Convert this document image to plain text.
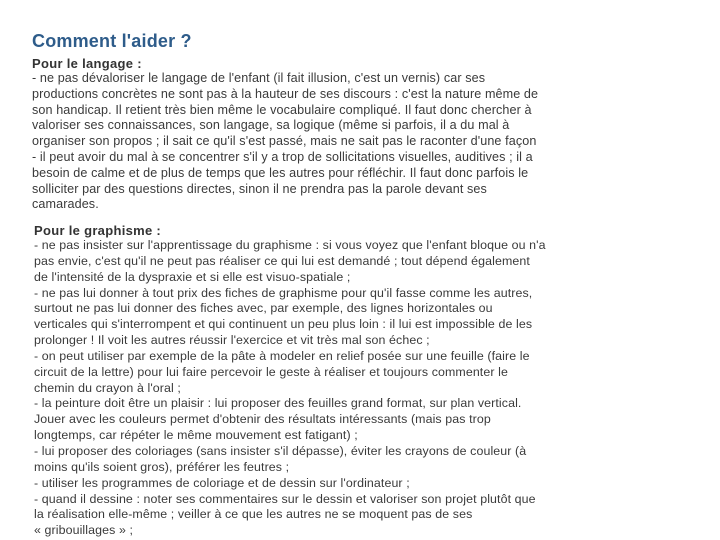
Comment l'aider ?
Pour le langage :
- ne pas dévaloriser le langage de l'enfant (il fait illusion, c'est un vernis) car ses
productions concrètes ne sont pas à la hauteur de ses discours : c'est la nature même de
son handicap. Il retient très bien même le vocabulaire compliqué. Il faut donc chercher à
valoriser ses connaissances, son langage, sa logique (même si parfois, il a du mal à
organiser son propos ; il sait ce qu'il s'est passé, mais ne sait pas le raconter d'une façon
- il peut avoir du mal à se concentrer s'il y a trop de sollicitations visuelles, auditives ; il a
besoin de calme et de plus de temps que les autres pour réfléchir. Il faut donc parfois le
solliciter par des questions directes, sinon il ne prendra pas la parole devant ses
camarades.
Pour le graphisme :
- ne pas insister sur l'apprentissage du graphisme : si vous voyez que l'enfant bloque ou n'a
pas envie, c'est qu'il ne peut pas réaliser ce qui lui est demandé ; tout dépend également
de l'intensité de la dyspraxie et si elle est visuo-spatiale ;
- ne pas lui donner à tout prix des fiches de graphisme pour qu'il fasse comme les autres,
surtout ne pas lui donner des fiches avec, par exemple, des lignes horizontales ou
verticales qui s'interrompent et qui continuent un peu plus loin : il lui est impossible de les
prolonger ! Il voit les autres réussir l'exercice et vit très mal son échec ;
- on peut utiliser par exemple de la pâte à modeler en relief posée sur une feuille (faire le
circuit de la lettre) pour lui faire percevoir le geste à réaliser et toujours commenter le
chemin du crayon à l'oral ;
- la peinture doit être un plaisir : lui proposer des feuilles grand format, sur plan vertical.
Jouer avec les couleurs permet d'obtenir des résultats intéressants (mais pas trop
longtemps, car répéter le même mouvement est fatigant) ;
- lui proposer des coloriages (sans insister s'il dépasse), éviter les crayons de couleur (à
moins qu'ils soient gros), préférer les feutres ;
- utiliser les programmes de coloriage et de dessin sur l'ordinateur ;
- quand il dessine : noter ses commentaires sur le dessin et valoriser son projet plutôt que
la réalisation elle-même ; veiller à ce que les autres ne se moquent pas de ses
« gribouillages » ;
